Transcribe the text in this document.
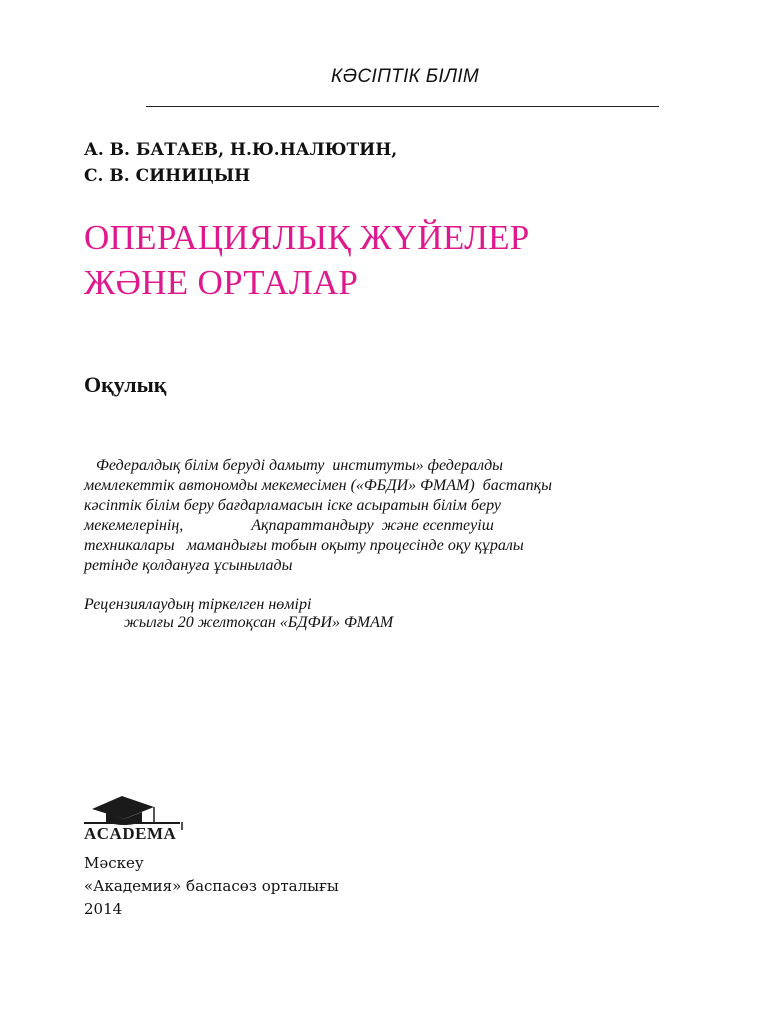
КӘСІПТІК БІЛІМ
А. В. БАТАЕВ, Н.Ю.НАЛЮТИН,
С. В. СИНИЦЫН
ОПЕРАЦИЯЛЫҚ ЖҮЙЕЛЕР
ЖӘНЕ ОРТАЛАР
Оқулық
Федералдық білім беруді дамыту  институты» федералды
мемлекеттік автономды мекемесімен («ФБДИ» ФМАМ)  бастапқы
кәсіптік білім беру бағдарламасын іске асыратын білім беру
мекемелерінің,                 Ақпараттандыру  және есептеуіш
техникалары   мамандығы тобын оқыту процесінде оқу құралы
ретінде қолдануға ұсынылады
Рецензиялаудың тіркелген нөмірі
жылғы 20 желтоқсан «БДФИ» ФМАМ
ACADEMA
Мәскеу
«Академия» баспасөз орталығы
2014
